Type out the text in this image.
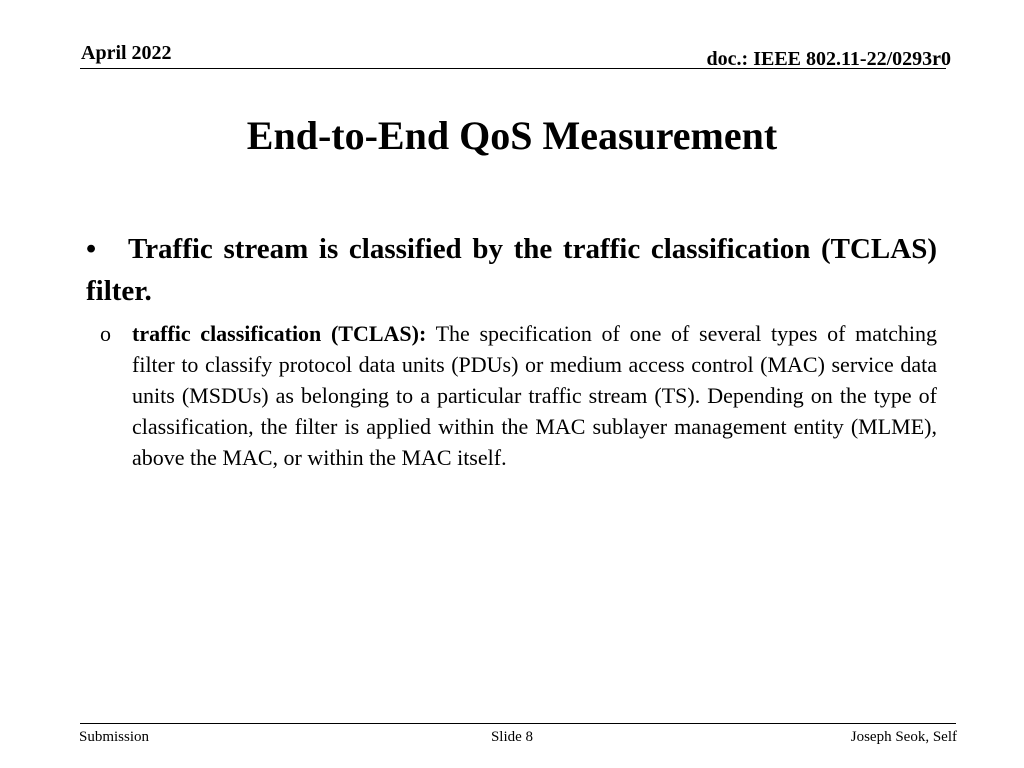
April 2022	doc.: IEEE 802.11-22/0293r0
End-to-End QoS Measurement
• Traffic stream is classified by the traffic classification (TCLAS) filter.
o traffic classification (TCLAS): The specification of one of several types of matching filter to classify protocol data units (PDUs) or medium access control (MAC) service data units (MSDUs) as belonging to a particular traffic stream (TS). Depending on the type of classification, the filter is applied within the MAC sublayer management entity (MLME), above the MAC, or within the MAC itself.
Submission	Slide 8	Joseph Seok, Self
